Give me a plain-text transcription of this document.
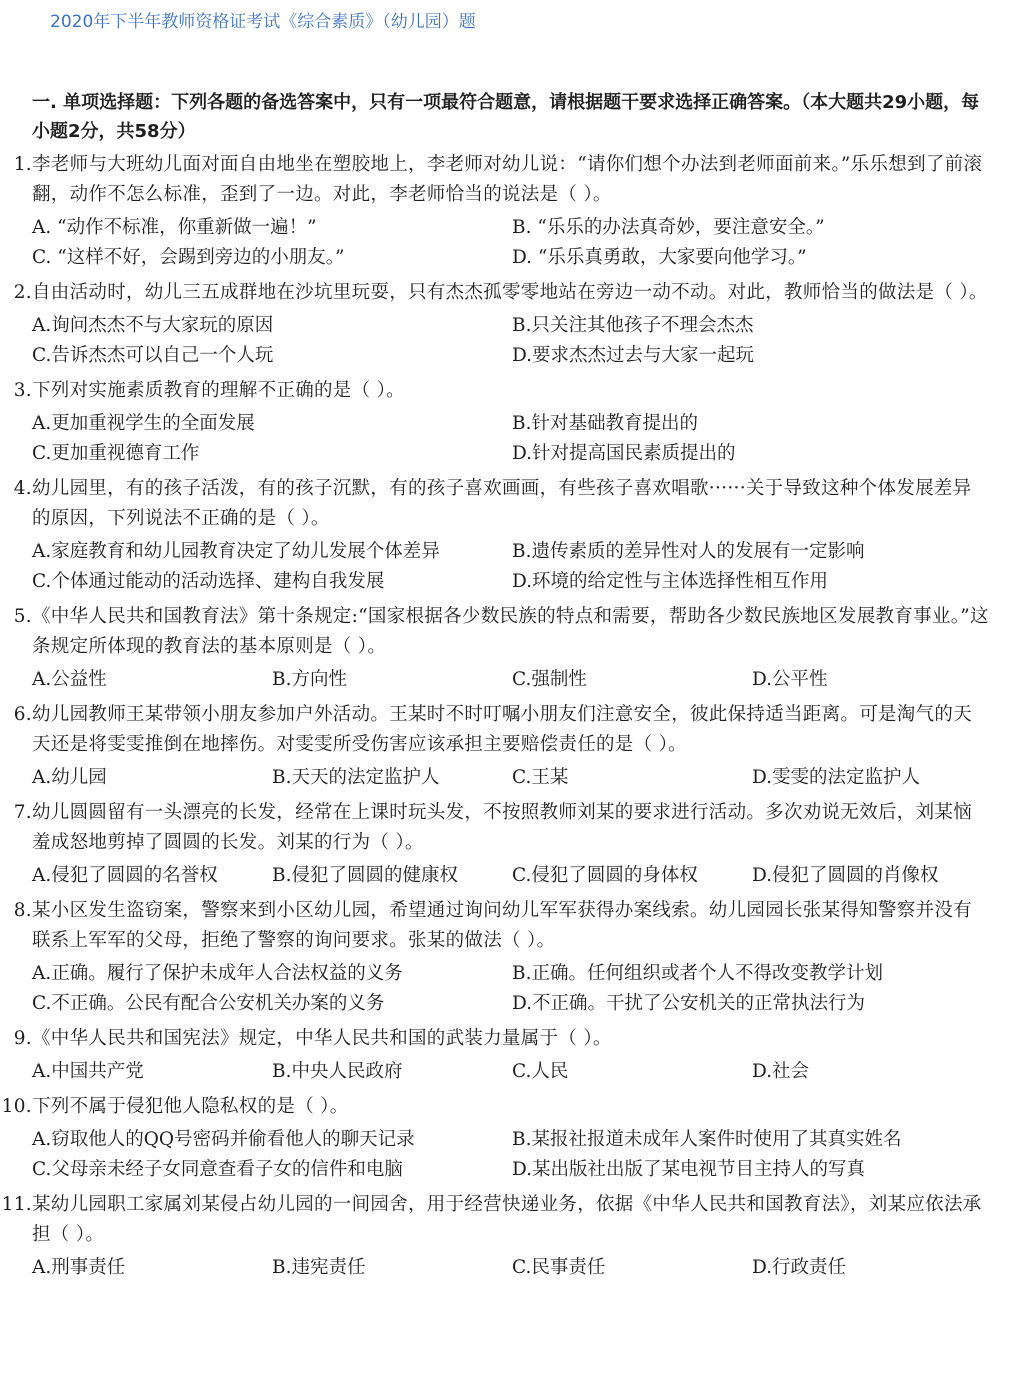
2020年下半年教师资格证考试《综合素质》（幼儿园）题
一. 单项选择题：下列各题的备选答案中，只有一项最符合题意，请根据题干要求选择正确答案。（本大题共29小题，每小题2分，共58分）
1. 李老师与大班幼儿面对面自由地坐在塑胶地上，李老师对幼儿说：“请你们想个办法到老师面前来。”乐乐想到了前滚翻，动作不怎么标准，歪到了一边。对此，李老师恰当的说法是（ ）。
A. “动作不标准，你重新做一遍！”	B. “乐乐的办法真奇妙，要注意安全。”
C. “这样不好，会踢到旁边的小朋友。”	D. “乐乐真勇敢，大家要向他学习。”
2. 自由活动时，幼儿三五成群地在沙坑里玩耍，只有杰杰孤零零地站在旁边一动不动。对此，教师恰当的做法是（ ）。
A.询问杰杰不与大家玩的原因	B.只关注其他孩子不理会杰杰
C.告诉杰杰可以自己一个人玩	D.要求杰杰过去与大家一起玩
3. 下列对实施素质教育的理解不正确的是（ ）。
A.更加重视学生的全面发展	B.针对基础教育提出的
C.更加重视德育工作	D.针对提高国民素质提出的
4. 幼儿园里，有的孩子活泼，有的孩子沉默，有的孩子喜欢画画，有些孩子喜欢唱歌······关于导致这种个体发展差异的原因，下列说法不正确的是（ ）。
A.家庭教育和幼儿园教育决定了幼儿发展个体差异	B.遗传素质的差异性对人的发展有一定影响
C.个体通过能动的活动选择、建构自我发展	D.环境的给定性与主体选择性相互作用
5. 《中华人民共和国教育法》第十条规定:“国家根据各少数民族的特点和需要，帮助各少数民族地区发展教育事业。”这条规定所体现的教育法的基本原则是（ ）。
A.公益性	B.方向性	C.强制性	D.公平性
6. 幼儿园教师王某带领小朋友参加户外活动。王某时不时叮嘱小朋友们注意安全，彼此保持适当距离。可是淘气的天天还是将雯雯推倒在地摔伤。对雯雯所受伤害应该承担主要赔偿责任的是（ ）。
A.幼儿园	B.天天的法定监护人	C.王某	D.雯雯的法定监护人
7. 幼儿圆圆留有一头漂亮的长发，经常在上课时玩头发，不按照教师刘某的要求进行活动。多次劝说无效后，刘某恼羞成怒地剪掉了圆圆的长发。刘某的行为（ ）。
A.侵犯了圆圆的名誉权	B.侵犯了圆圆的健康权	C.侵犯了圆圆的身体权	D.侵犯了圆圆的肖像权
8. 某小区发生盗窃案，警察来到小区幼儿园，希望通过询问幼儿军军获得办案线索。幼儿园园长张某得知警察并没有联系上军军的父母，拒绝了警察的询问要求。张某的做法（ ）。
A.正确。履行了保护未成年人合法权益的义务	B.正确。任何组织或者个人不得改变教学计划
C.不正确。公民有配合公安机关办案的义务	D.不正确。干扰了公安机关的正常执法行为
9. 《中华人民共和国宪法》规定，中华人民共和国的武装力量属于（ ）。
A.中国共产党	B.中央人民政府	C.人民	D.社会
10. 下列不属于侵犯他人隐私权的是（ ）。
A.窃取他人的QQ号密码并偷看他人的聊天记录	B.某报社报道未成年人案件时使用了其真实姓名
C.父母亲未经子女同意查看子女的信件和电脑	D.某出版社出版了某电视节目主持人的写真
11. 某幼儿园职工家属刘某侵占幼儿园的一间园舍，用于经营快递业务，依据《中华人民共和国教育法》，刘某应依法承担（ ）。
A.刑事责任	B.违宪责任	C.民事责任	D.行政责任
